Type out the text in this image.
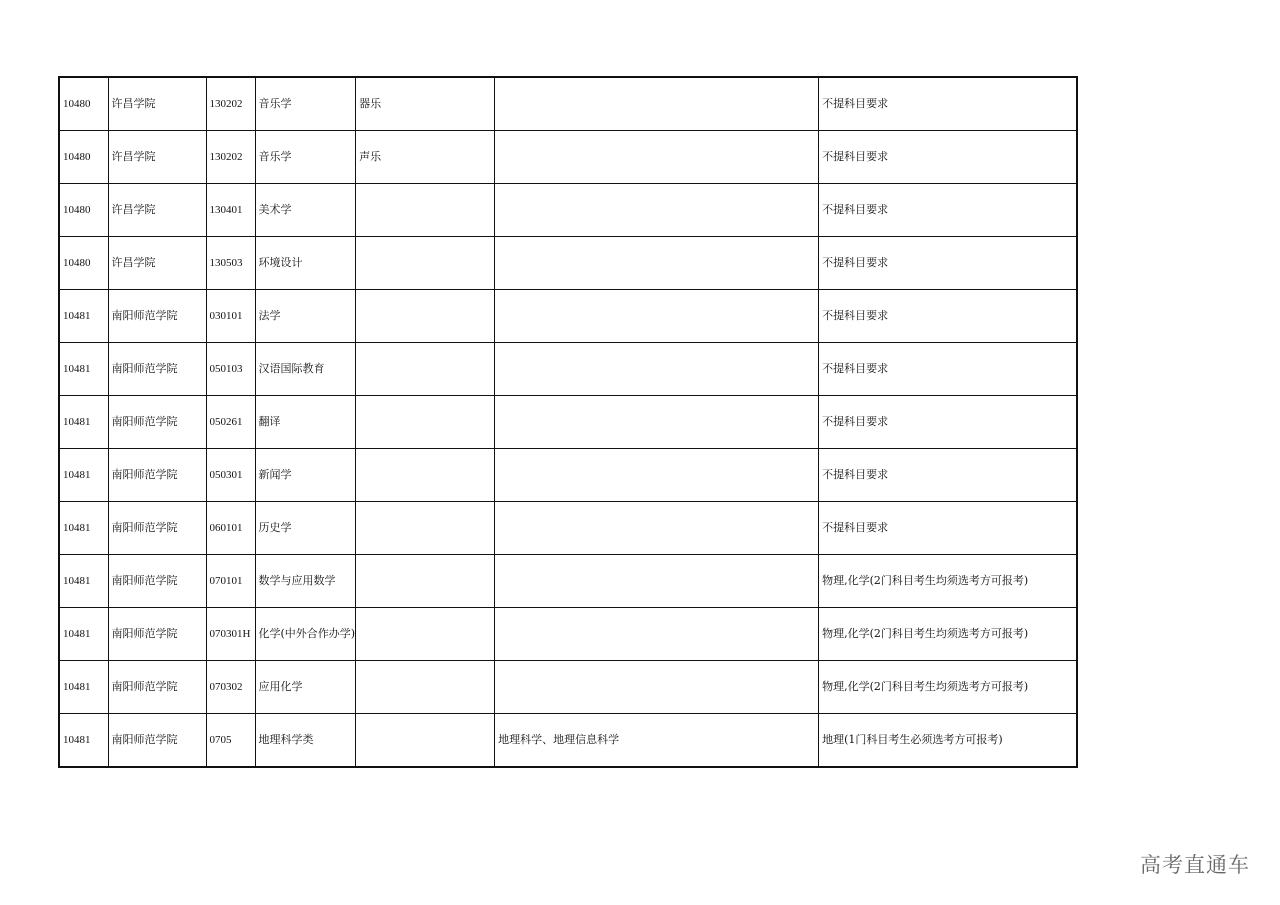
10480	许昌学院	130202	音乐学	器乐		不提科目要求
10480	许昌学院	130202	音乐学	声乐		不提科目要求
10480	许昌学院	130401	美术学			不提科目要求
10480	许昌学院	130503	环境设计			不提科目要求
10481	南阳师范学院	030101	法学			不提科目要求
10481	南阳师范学院	050103	汉语国际教育			不提科目要求
10481	南阳师范学院	050261	翻译			不提科目要求
10481	南阳师范学院	050301	新闻学			不提科目要求
10481	南阳师范学院	060101	历史学			不提科目要求
10481	南阳师范学院	070101	数学与应用数学			物理,化学(2门科目考生均须选考方可报考)
10481	南阳师范学院	070301H	化学(中外合作办学)			物理,化学(2门科目考生均须选考方可报考)
10481	南阳师范学院	070302	应用化学			物理,化学(2门科目考生均须选考方可报考)
10481	南阳师范学院	0705	地理科学类		地理科学、地理信息科学	地理(1门科目考生必须选考方可报考)
高考直通车
